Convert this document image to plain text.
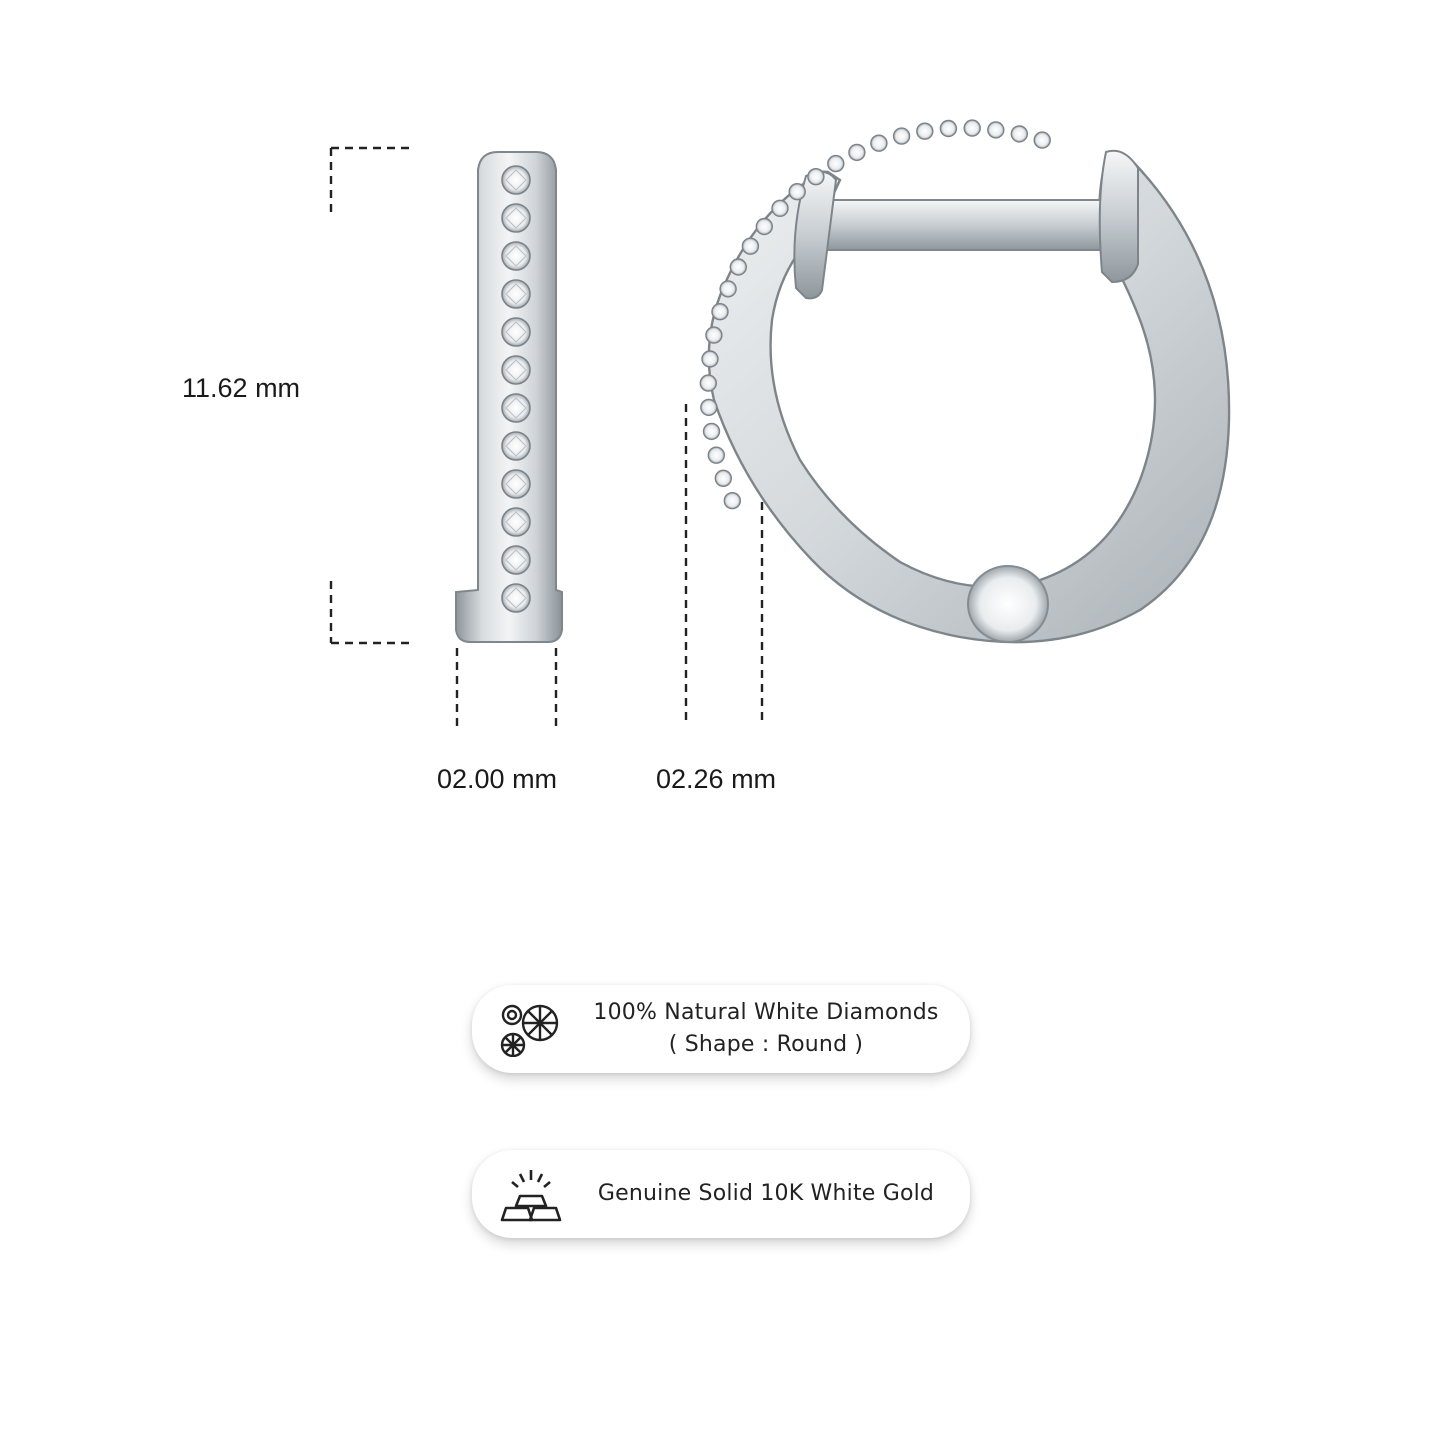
11.62 mm
02.00 mm	02.26 mm
100% Natural White Diamonds
( Shape : Round )
Genuine Solid 10K White Gold
